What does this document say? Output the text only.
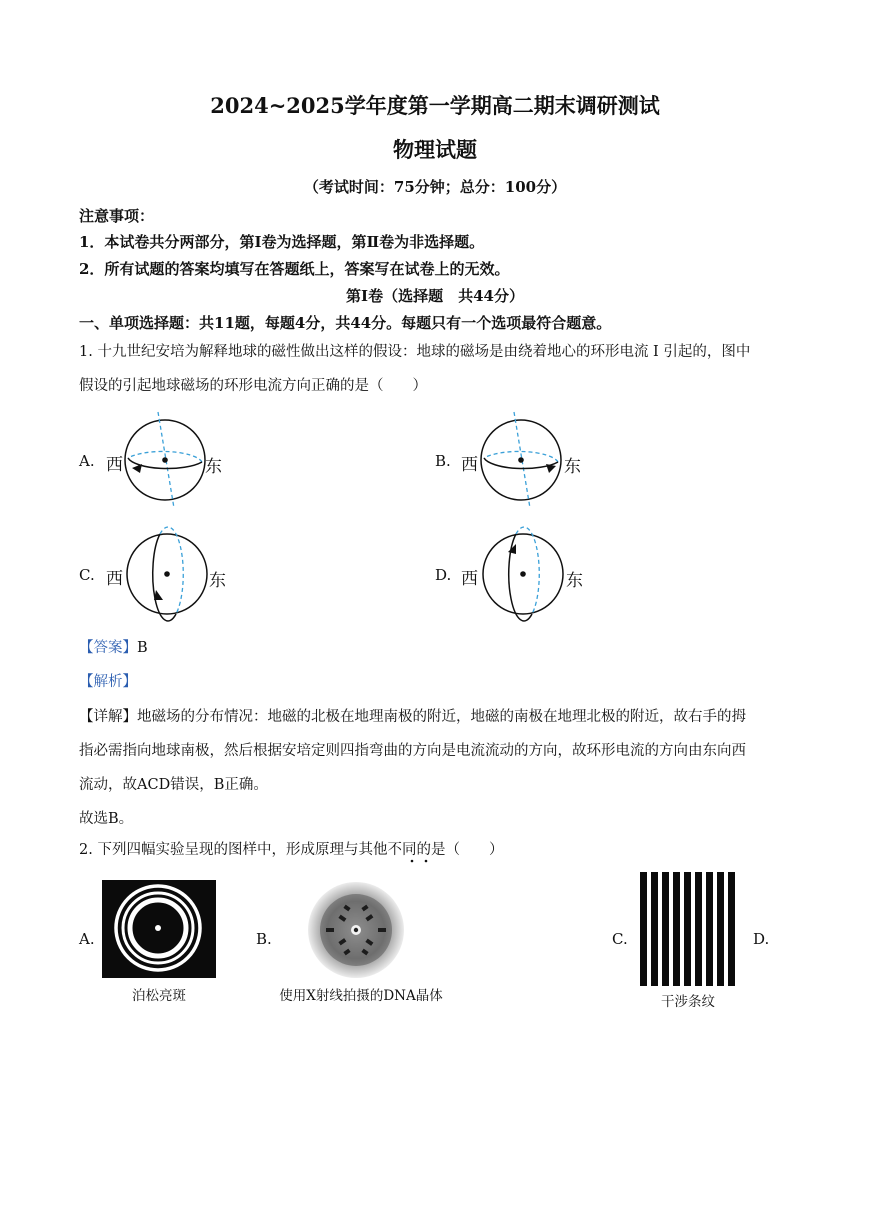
2024~2025学年度第一学期高二期末调研测试
物理试题
（考试时间：75分钟；总分：100分）
注意事项：
1．本试卷共分两部分，第Ⅰ卷为选择题，第Ⅱ卷为非选择题。
2．所有试题的答案均填写在答题纸上，答案写在试卷上的无效。
第Ⅰ卷（选择题　共44分）
一、单项选择题：共11题，每题4分，共44分。每题只有一个选项最符合题意。
1. 十九世纪安培为解释地球的磁性做出这样的假设：地球的磁场是由绕着地心的环形电流 I 引起的，图中
假设的引起地球磁场的环形电流方向正确的是（　　）
A. 西	东	B. 西	东
C. 西	东	D. 西	东
【答案】B
【解析】
【详解】地磁场的分布情况：地磁的北极在地理南极的附近，地磁的南极在地理北极的附近，故右手的拇
指必需指向地球南极，然后根据安培定则四指弯曲的方向是电流流动的方向，故环形电流的方向由东向西
流动，故ACD错误，B正确。
故选B。
2. 下列四幅实验呈现的图样中，形成原理与其他不同的是（　　）
A.
泊松亮斑
B.
使用X射线拍摄的DNA晶体
C.
干涉条纹
D.
